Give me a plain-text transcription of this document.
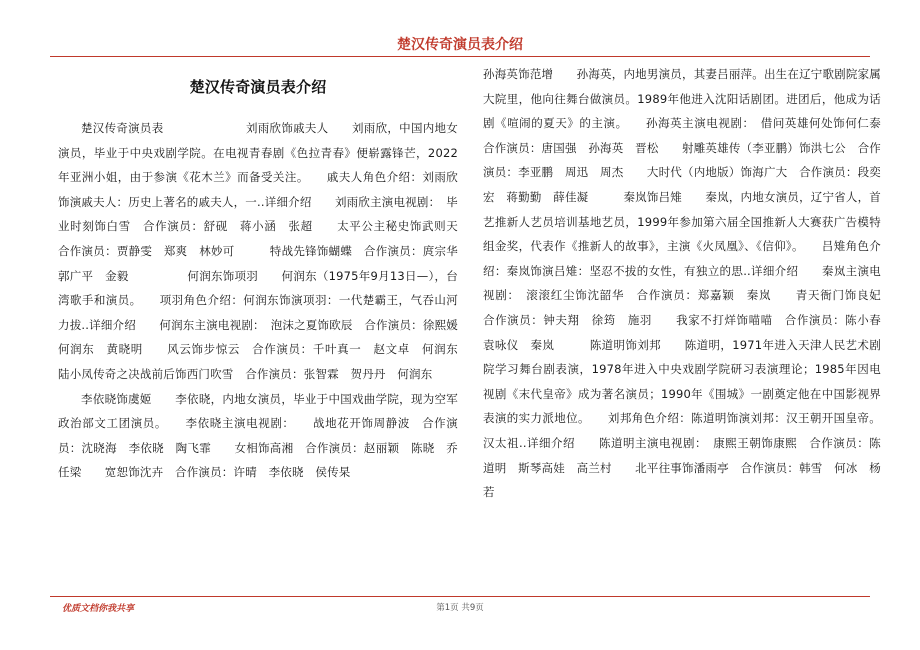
楚汉传奇演员表介绍
楚汉传奇演员表介绍

楚汉传奇演员表　　　　　　　刘雨欣饰戚夫人　　刘雨欣，中国内地女演员，毕业于中央戏剧学院。在电视青春剧《色拉青春》便崭露锋芒，2022年亚洲小姐，由于参演《花木兰》而备受关注。　　戚夫人角色介绍：刘雨欣饰演戚夫人：历史上著名的戚夫人，一..详细介绍　　刘雨欣主演电视剧：　毕业时刻饰白雪　合作演员：舒砚　蒋小涵　张超　　太平公主秘史饰武则天　合作演员：贾静雯　郑爽　林妙可　　　特战先锋饰蝴蝶　合作演员：庹宗华　郭广平　金毅　　　　　何润东饰项羽　　何润东（1975年9月13日—），台湾歌手和演员。　　项羽角色介绍：何润东饰演项羽：一代楚霸王，气吞山河力拔..详细介绍　　何润东主演电视剧：　泡沫之夏饰欧辰　合作演员：徐熙媛　何润东　黄晓明　　风云饰步惊云　合作演员：千叶真一　赵文卓　何润东　　陆小凤传奇之决战前后饰西门吹雪　合作演员：张智霖　贺丹丹　何润东

李依晓饰虞姬　　李依晓，内地女演员，毕业于中国戏曲学院，现为空军政治部文工团演员。　　李依晓主演电视剧：　　战地花开饰周静波　合作演员：沈晓海　李依晓　陶飞霏　　女相饰高湘　合作演员：赵丽颖　陈晓　乔任梁　　宽恕饰沈卉　合作演员：许晴　李依晓　侯传杲

孙海英饰范增　　孙海英，内地男演员，其妻吕丽萍。出生在辽宁歌剧院家属大院里，他向往舞台做演员。1989年他进入沈阳话剧团。进团后，他成为话剧《喧闹的夏天》的主演。　　孙海英主演电视剧：　借问英雄何处饰何仁泰　合作演员：唐国强　孙海英　晋松　　射雕英雄传（李亚鹏）饰洪七公　合作演员：李亚鹏　周迅　周杰　　大时代（内地版）饰海广大　合作演员：段奕宏　蒋勤勤　薛佳凝　　　秦岚饰吕雉　　秦岚，内地女演员，辽宁省人，首艺推新人艺员培训基地艺员，1999年参加第六届全国推新人大赛获广告模特组金奖，代表作《推新人的故事》，主演《火凤凰》、《信仰》。　　吕雉角色介绍：秦岚饰演吕雉：坚忍不拔的女性，有独立的思..详细介绍　　秦岚主演电视剧：　滚滚红尘饰沈韶华　合作演员：郑嘉颖　秦岚　　青天衙门饰良妃　合作演员：钟夫翔　徐筠　施羽　　我家不打烊饰喵喵　合作演员：陈小春　袁咏仪　秦岚　　　陈道明饰刘邦　　陈道明，1971年进入天津人民艺术剧院学习舞台剧表演，1978年进入中央戏剧学院研习表演理论；1985年因电视剧《末代皇帝》成为著名演员；1990年《围城》一剧奠定他在中国影视界表演的实力派地位。　　刘邦角色介绍：陈道明饰演刘邦：汉王朝开国皇帝。汉太祖..详细介绍　　陈道明主演电视剧：　康熙王朝饰康熙　合作演员：陈道明　斯琴高娃　高兰村　　北平往事饰潘雨亭　合作演员：韩雪　何冰　杨若

优质文档你我共享	第1页 共9页
